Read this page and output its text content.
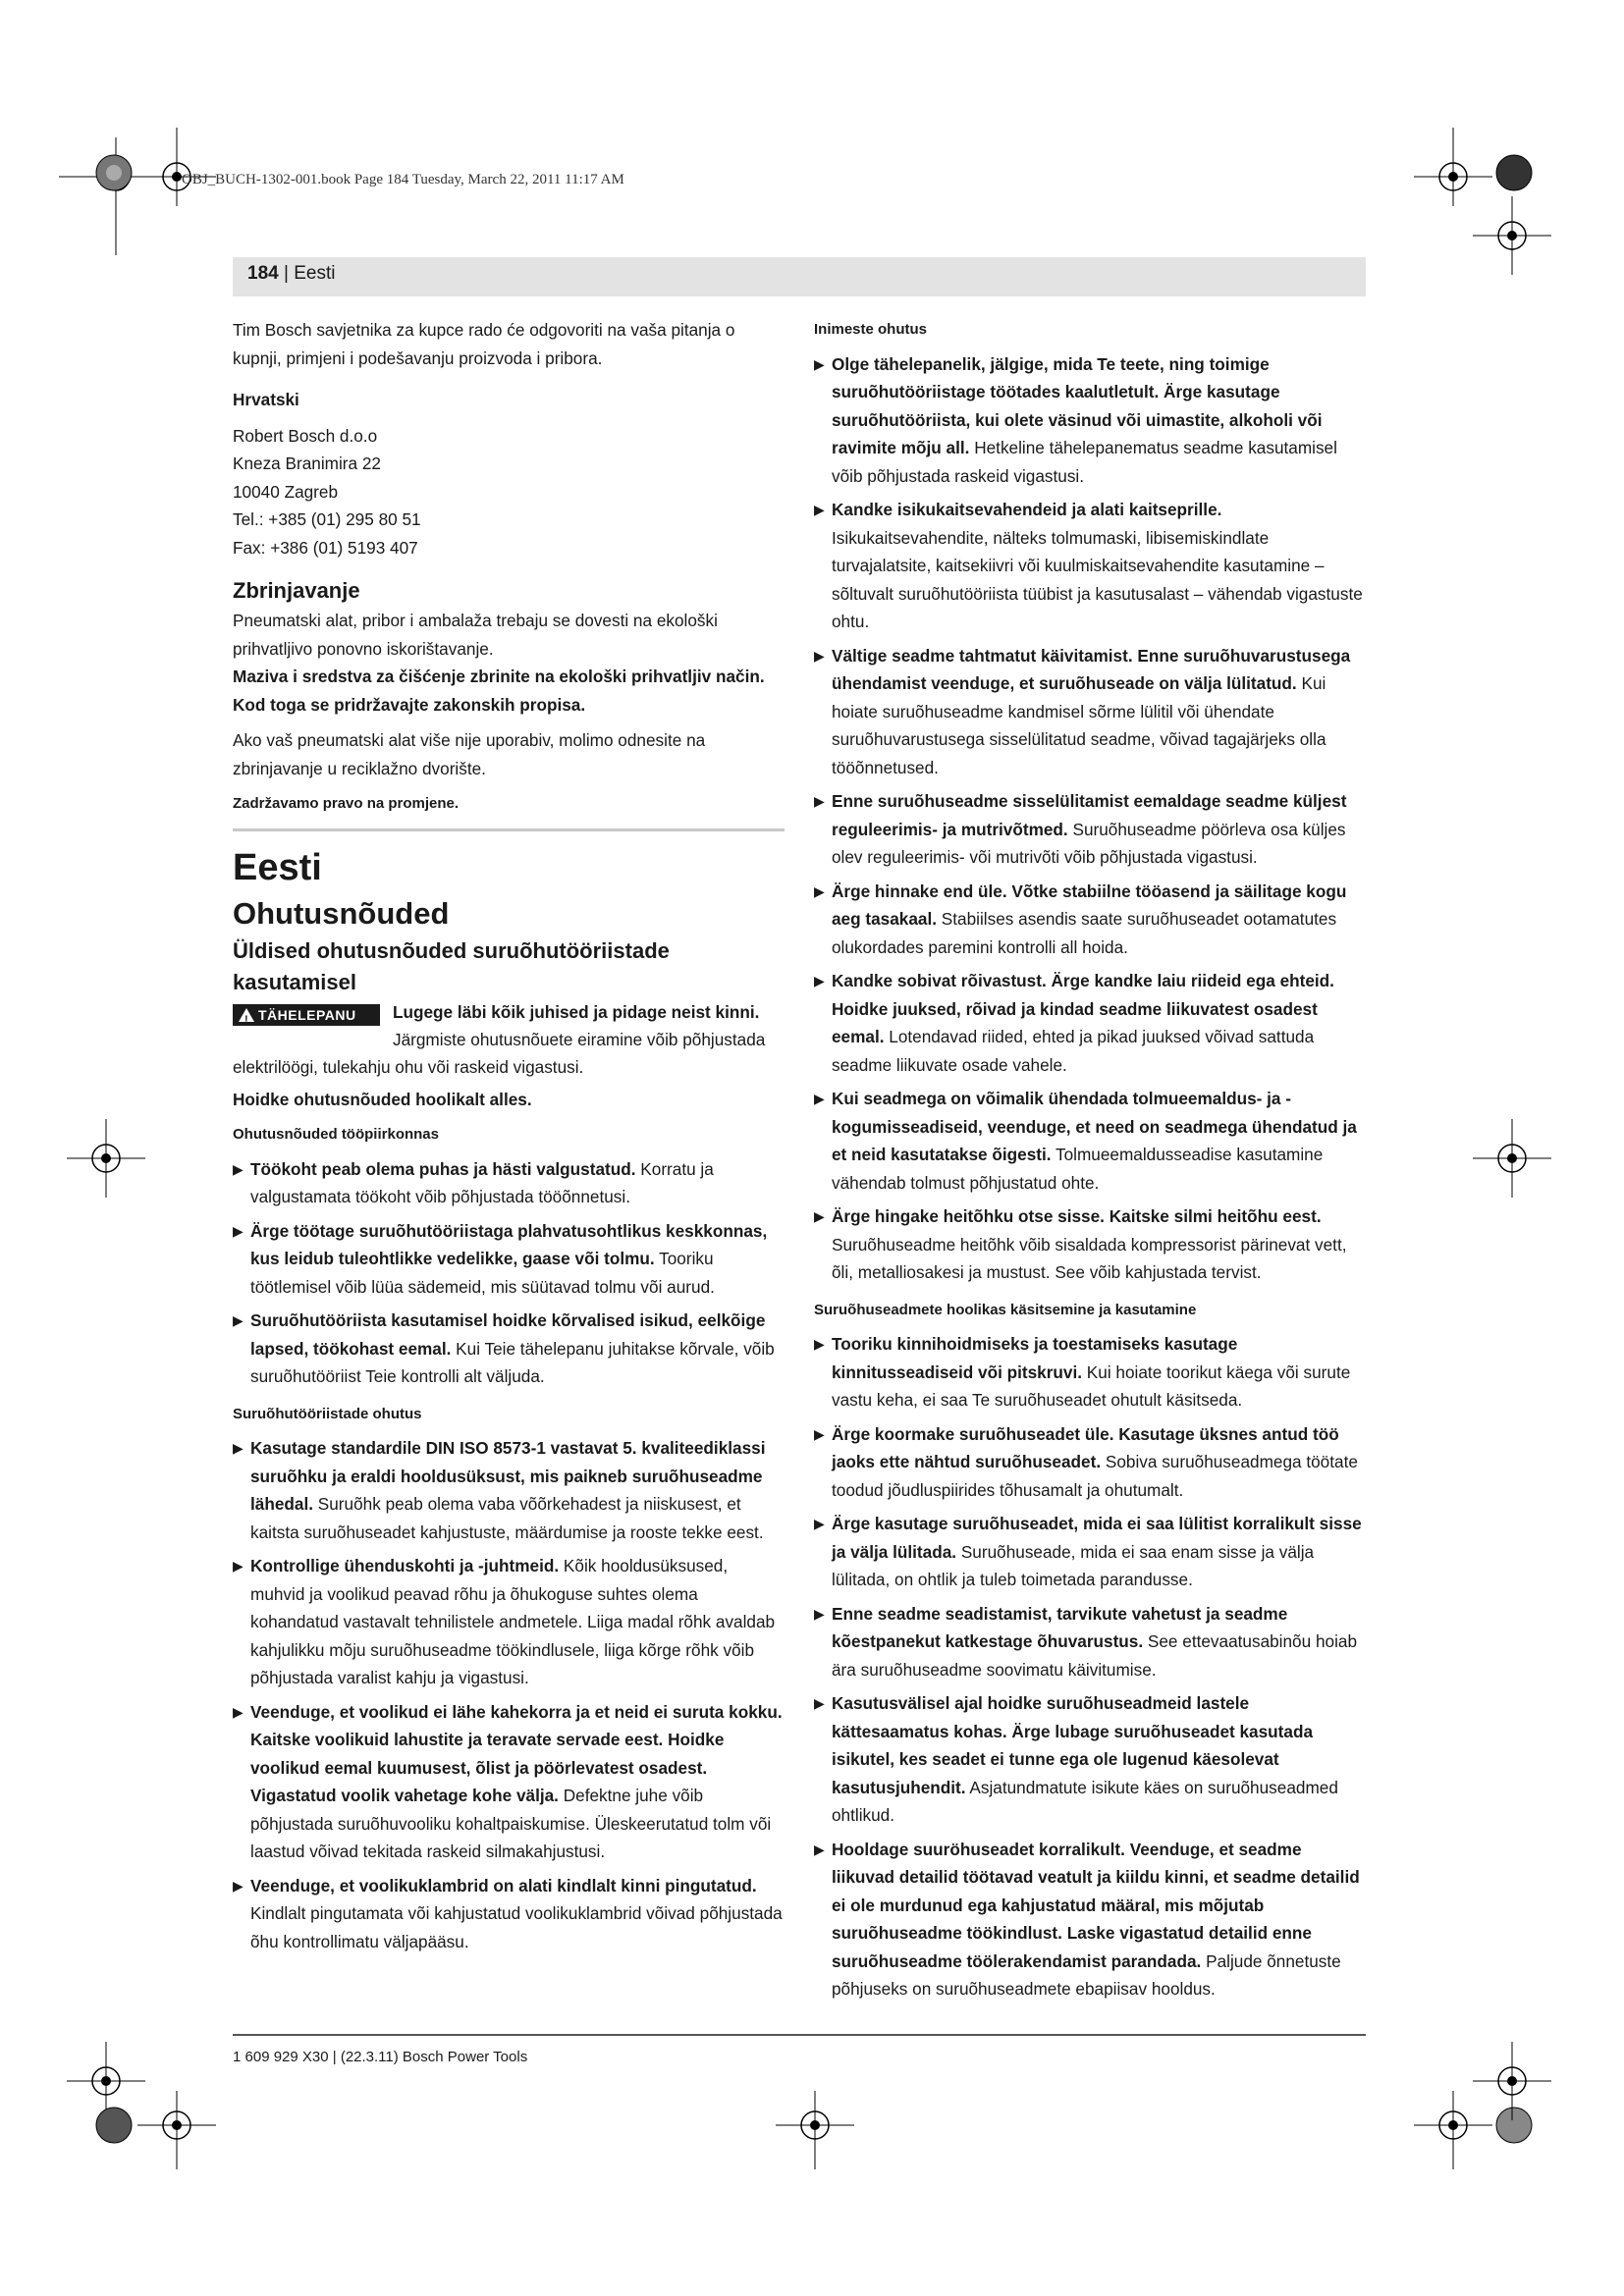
OBJ_BUCH-1302-001.book Page 184 Tuesday, March 22, 2011 11:17 AM
184 | Eesti

Tim Bosch savjetnika za kupce rado će odgovoriti na vaša pitanja o kupnji, primjeni i podešavanju proizvoda i pribora.

Hrvatski

Robert Bosch d.o.o

Kneza Branimira 22

10040 Zagreb

Tel.: +385 (01) 295 80 51

Fax: +386 (01) 5193 407

Zbrinjavanje

Pneumatski alat, pribor i ambalaža trebaju se dovesti na ekološki prihvatljivo ponovno iskorištavanje.

Maziva i sredstva za čišćenje zbrinite na ekološki prihvatljiv način. Kod toga se pridržavajte zakonskih propisa.

Ako vaš pneumatski alat više nije uporabiv, molimo odnesite na zbrinjavanje u reciklažno dvorište.

Zadržavamo pravo na promjene.

Eesti

Ohutusnõuded

Üldised ohutusnõuded suruõhutööriistade kasutamisel

!TÄHELEPANU	Lugege läbi kõik juhised ja pidage neist kinni.

Järgmiste ohutusnõuete eiramine võib põhjustada elektrilöögi, tulekahju ohu või raskeid vigastusi.

Hoidke ohutusnõuded hoolikalt alles.

Ohutusnõuded tööpiirkonnas

▶ Töökoht peab olema puhas ja hästi valgustatud. Korratu ja valgustamata töökoht võib põhjustada tööõnnetusi.
▶ Ärge töötage suruõhutööriistaga plahvatusohtlikus keskkonnas, kus leidub tuleohtlikke vedelikke, gaase või tolmu. Tooriku töötlemisel võib lüüa sädemeid, mis süütavad tolmu või aurud.
▶ Suruõhutööriista kasutamisel hoidke kõrvalised isikud, eelkõige lapsed, töökohast eemal. Kui Teie tähelepanu juhitakse kõrvale, võib suruõhutööriist Teie kontrolli alt väljuda.

Suruõhutööriistade ohutus

▶ Kasutage standardile DIN ISO 8573-1 vastavat 5. kvaliteediklassi suruõhku ja eraldi hooldusüksust, mis paikneb suruõhuseadme lähedal. Suruõhk peab olema vaba võõrkehadest ja niiskusest, et kaitsta suruõhuseadet kahjustuste, määrdumise ja rooste tekke eest.
▶ Kontrollige ühenduskohti ja -juhtmeid. Kõik hooldusüksused, muhvid ja voolikud peavad rõhu ja õhukoguse suhtes olema kohandatud vastavalt tehnilistele andmetele. Liiga madal rõhk avaldab kahjulikku mõju suruõhuseadme töökindlusele, liiga kõrge rõhk võib põhjustada varalist kahju ja vigastusi.
▶ Veenduge, et voolikud ei lähe kahekorra ja et neid ei suruta kokku. Kaitske voolikuid lahustite ja teravate servade eest. Hoidke voolikud eemal kuumusest, õlist ja pöörlevatest osadest. Vigastatud voolik vahetage kohe välja. Defektne juhe võib põhjustada suruõhuvooliku kohaltpaiskumise. Üleskeerutatud tolm või laastud võivad tekitada raskeid silmakahjustusi.
▶ Veenduge, et voolikuklambrid on alati kindlalt kinni pingutatud. Kindlalt pingutamata või kahjustatud voolikuklambrid võivad põhjustada õhu kontrollimatu väljapääsu.

Inimeste ohutus

▶ Olge tähelepanelik, jälgige, mida Te teete, ning toimige suruõhutööriistage töötades kaalutletult. Ärge kasutage suruõhutööriista, kui olete väsinud või uimastite, alkoholi või ravimite mõju all. Hetkeline tähelepanematus seadme kasutamisel võib põhjustada raskeid vigastusi.
▶ Kandke isikukaitsevahendeid ja alati kaitseprille. Isikukaitsevahendite, nälteks tolmumaski, libisemiskindlate turvajalatsite, kaitsekiivri või kuulmiskaitsevahendite kasutamine – sõltuvalt suruõhutööriista tüübist ja kasutusalast – vähendab vigastuste ohtu.
▶ Vältige seadme tahtmatut käivitamist. Enne suruõhuvarustusega ühendamist veenduge, et suruõhuseade on välja lülitatud. Kui hoiate suruõhuseadme kandmisel sõrme lülitil või ühendate suruõhuvarustusega sisselülitatud seadme, võivad tagajärjeks olla tööõnnetused.
▶ Enne suruõhuseadme sisselülitamist eemaldage seadme küljest reguleerimis- ja mutrivõtmed. Suruõhuseadme pöörleva osa küljes olev reguleerimis- või mutrivõti võib põhjustada vigastusi.
▶ Ärge hinnake end üle. Võtke stabiilne tööasend ja säilitage kogu aeg tasakaal. Stabiilses asendis saate suruõhuseadet ootamatutes olukordades paremini kontrolli all hoida.
▶ Kandke sobivat rõivastust. Ärge kandke laiu riideid ega ehteid. Hoidke juuksed, rõivad ja kindad seadme liikuvatest osadest eemal. Lotendavad riided, ehted ja pikad juuksed võivad sattuda seadme liikuvate osade vahele.
▶ Kui seadmega on võimalik ühendada tolmueemaldus- ja -kogumisseadiseid, veenduge, et need on seadmega ühendatud ja et neid kasutatakse õigesti. Tolmueemaldusseadise kasutamine vähendab tolmust põhjustatud ohte.
▶ Ärge hingake heitõhku otse sisse. Kaitske silmi heitõhu eest. Suruõhuseadme heitõhk võib sisaldada kompressorist pärinevat vett, õli, metalliosakesi ja mustust. See võib kahjustada tervist.

Suruõhuseadmete hoolikas käsitsemine ja kasutamine

▶ Tooriku kinnihoidmiseks ja toestamiseks kasutage kinnitusseadiseid või pitskruvi. Kui hoiate toorikut käega või surute vastu keha, ei saa Te suruõhuseadet ohutult käsitseda.
▶ Ärge koormake suruõhuseadet üle. Kasutage üksnes antud töö jaoks ette nähtud suruõhuseadet. Sobiva suruõhuseadmega töötate toodud jõudluspiirides tõhusamalt ja ohutumalt.
▶ Ärge kasutage suruõhuseadet, mida ei saa lülitist korralikult sisse ja välja lülitada. Suruõhuseade, mida ei saa enam sisse ja välja lülitada, on ohtlik ja tuleb toimetada parandusse.
▶ Enne seadme seadistamist, tarvikute vahetust ja seadme kõestpanekut katkestage õhuvarustus. See ettevaatusabinõu hoiab ära suruõhuseadme soovimatu käivitumise.
▶ Kasutusvälisel ajal hoidke suruõhuseadmeid lastele kättesaamatus kohas. Ärge lubage suruõhuseadet kasutada isikutel, kes seadet ei tunne ega ole lugenud käesolevat kasutusjuhendit. Asjatundmatute isikute käes on suruõhuseadmed ohtlikud.
▶ Hooldage suuröhuseadet korralikult. Veenduge, et seadme liikuvad detailid töötavad veatult ja kiildu kinni, et seadme detailid ei ole murdunud ega kahjustatud määral, mis mõjutab suruõhuseadme töökindlust. Laske vigastatud detailid enne suruõhuseadme töölerakendamist parandada. Paljude õnnetuste põhjuseks on suruõhuseadmete ebapiisav hooldus.
1 609 929 X30 | (22.3.11) Bosch Power Tools
